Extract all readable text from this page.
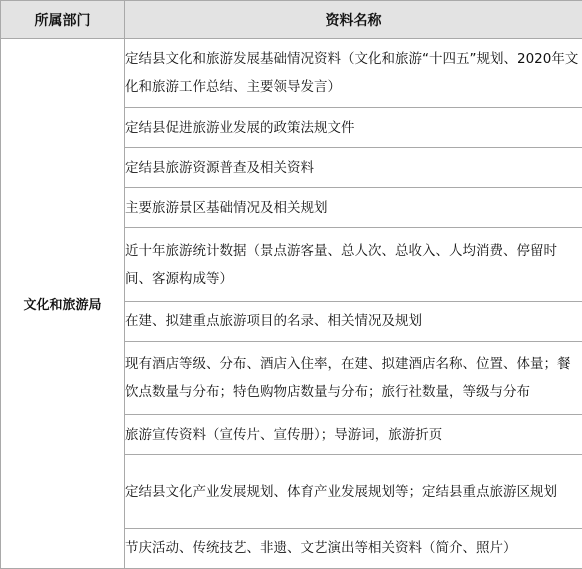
所属部门	资料名称
文化和旅游局	定结县文化和旅游发展基础情况资料（文化和旅游“十四五”规划、2020年文化和旅游工作总结、主要领导发言）
	定结县促进旅游业发展的政策法规文件
	定结县旅游资源普查及相关资料
	主要旅游景区基础情况及相关规划
	近十年旅游统计数据（景点游客量、总人次、总收入、人均消费、停留时间、客源构成等）
	在建、拟建重点旅游项目的名录、相关情况及规划
	现有酒店等级、分布、酒店入住率，在建、拟建酒店名称、位置、体量；餐饮点数量与分布；特色购物店数量与分布；旅行社数量，等级与分布
	旅游宣传资料（宣传片、宣传册）；导游词，旅游折页
	定结县文化产业发展规划、体育产业发展规划等；定结县重点旅游区规划
	节庆活动、传统技艺、非遗、文艺演出等相关资料（简介、照片）
